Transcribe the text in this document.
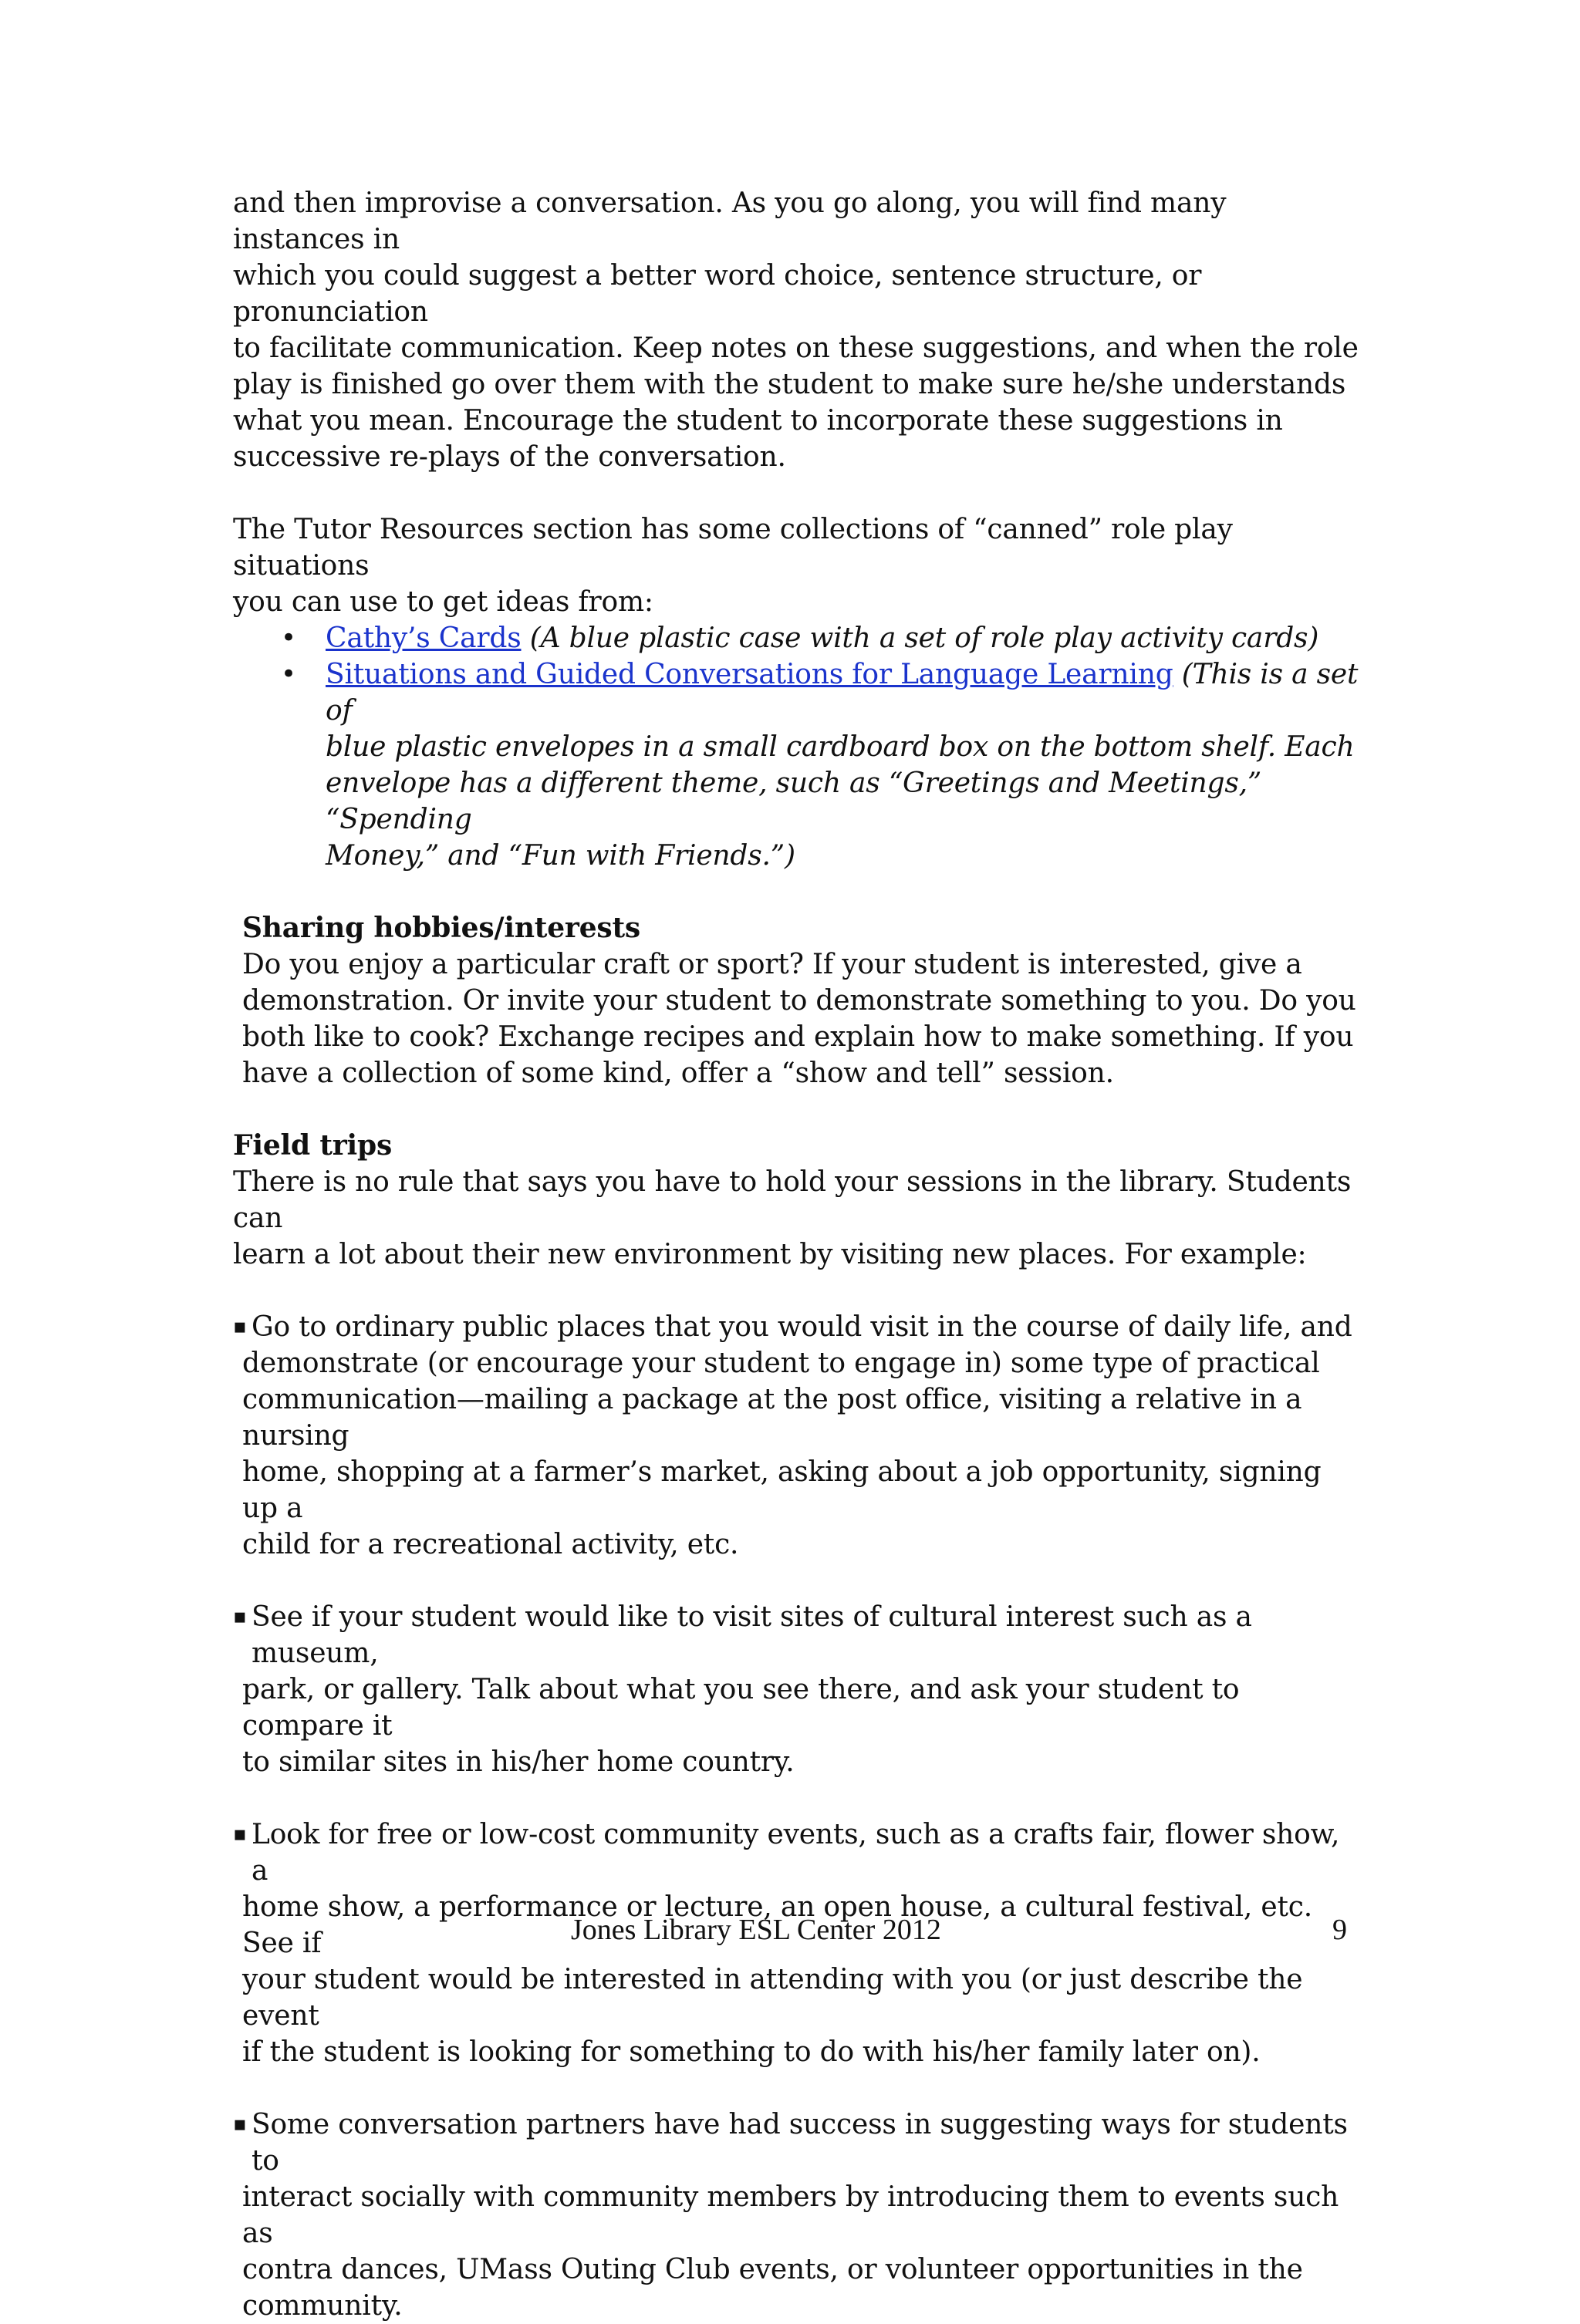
and then improvise a conversation. As you go along, you will find many instances in
which you could suggest a better word choice, sentence structure, or pronunciation
to facilitate communication. Keep notes on these suggestions, and when the role
play is finished go over them with the student to make sure he/she understands
what you mean. Encourage the student to incorporate these suggestions in
successive re-plays of the conversation.
The Tutor Resources section has some collections of “canned” role play situations
you can use to get ideas from:
• Cathy’s Cards (A blue plastic case with a set of role play activity cards)
• Situations and Guided Conversations for Language Learning (This is a set of
blue plastic envelopes in a small cardboard box on the bottom shelf. Each
envelope has a different theme, such as “Greetings and Meetings,” “Spending
Money,” and “Fun with Friends.”)
Sharing hobbies/interests
Do you enjoy a particular craft or sport? If your student is interested, give a
demonstration. Or invite your student to demonstrate something to you. Do you
both like to cook? Exchange recipes and explain how to make something. If you
have a collection of some kind, offer a “show and tell” session.
Field trips
There is no rule that says you have to hold your sessions in the library. Students can
learn a lot about their new environment by visiting new places. For example:
▪ Go to ordinary public places that you would visit in the course of daily life, and
demonstrate (or encourage your student to engage in) some type of practical
communication—mailing a package at the post office, visiting a relative in a nursing
home, shopping at a farmer’s market, asking about a job opportunity, signing up a
child for a recreational activity, etc.
▪ See if your student would like to visit sites of cultural interest such as a museum,
park, or gallery. Talk about what you see there, and ask your student to compare it
to similar sites in his/her home country.
▪ Look for free or low-cost community events, such as a crafts fair, flower show, a
home show, a performance or lecture, an open house, a cultural festival, etc. See if
your student would be interested in attending with you (or just describe the event
if the student is looking for something to do with his/her family later on).
▪ Some conversation partners have had success in suggesting ways for students to
interact socially with community members by introducing them to events such as
contra dances, UMass Outing Club events, or volunteer opportunities in the
community.
Jones Library ESL Center 2012	9
